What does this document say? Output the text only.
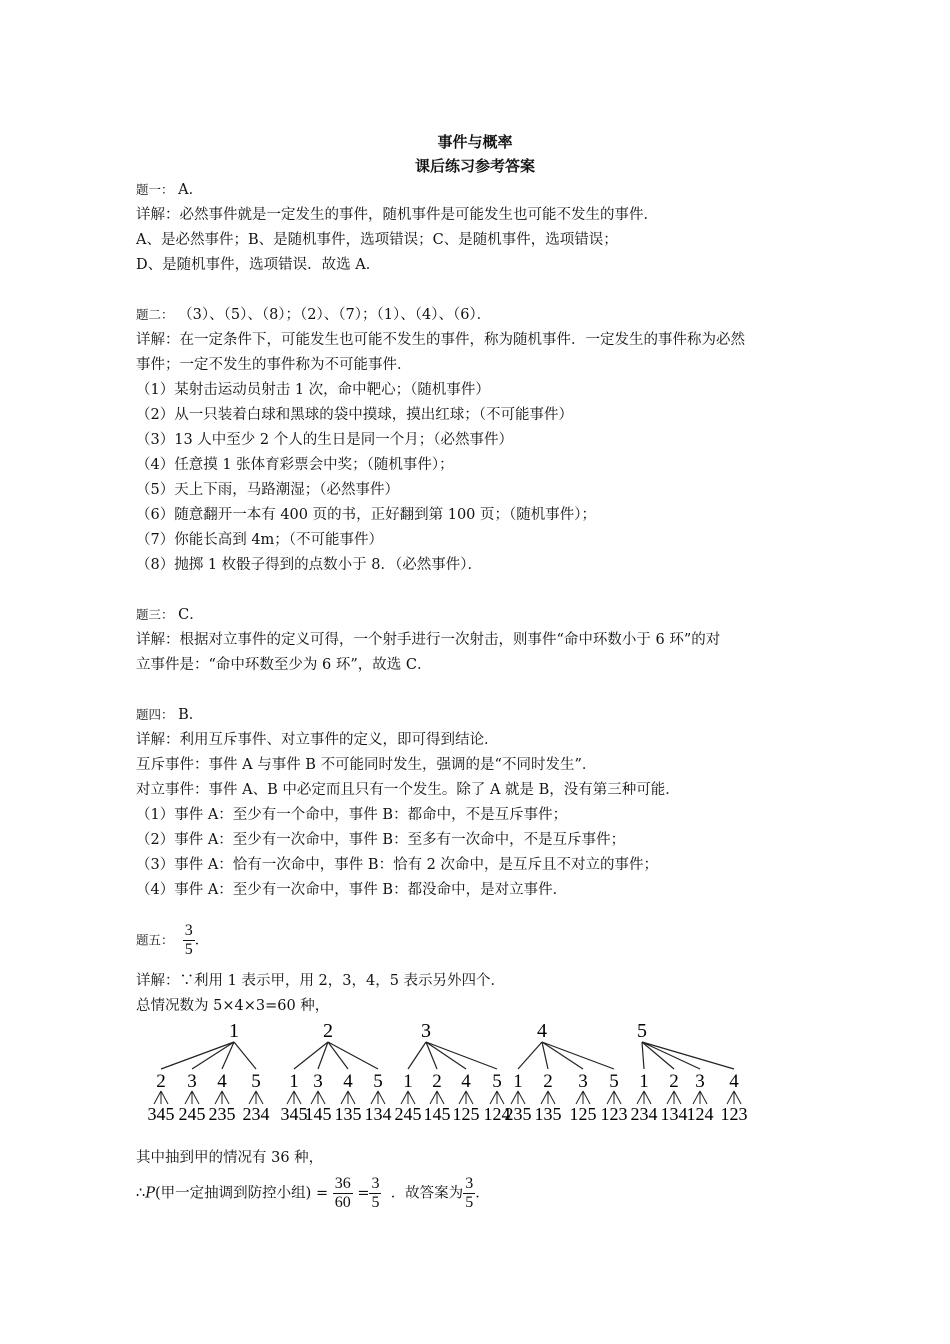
事件与概率
课后练习参考答案
题一： A．
详解：必然事件就是一定发生的事件，随机事件是可能发生也可能不发生的事件．
A、是必然事件；B、是随机事件，选项错误；C、是随机事件，选项错误；
D、是随机事件，选项错误．故选 A．
题二： （3）、（5）、（8）；（2）、（7）；（1）、（4）、（6）．
详解：在一定条件下，可能发生也可能不发生的事件，称为随机事件．一定发生的事件称为必然
事件；一定不发生的事件称为不可能事件．
（1）某射击运动员射击 1 次，命中靶心；（随机事件）
（2）从一只装着白球和黑球的袋中摸球，摸出红球；（不可能事件）
（3）13 人中至少 2 个人的生日是同一个月；（必然事件）
（4）任意摸 1 张体育彩票会中奖；（随机事件）；
（5）天上下雨，马路潮湿；（必然事件）
（6）随意翻开一本有 400 页的书，正好翻到第 100 页；（随机事件）；
（7）你能长高到 4m；（不可能事件）
（8）抛掷 1 枚骰子得到的点数小于 8．（必然事件）．
题三： C．
详解：根据对立事件的定义可得，一个射手进行一次射击，则事件“命中环数小于 6 环”的对
立事件是：“命中环数至少为 6 环”，故选 C．
题四： B．
详解：利用互斥事件、对立事件的定义，即可得到结论．
互斥事件：事件 A 与事件 B 不可能同时发生，强调的是“不同时发生”．
对立事件：事件 A、B 中必定而且只有一个发生。除了 A 就是 B，没有第三种可能．
（1）事件 A：至少有一个命中，事件 B：都命中，不是互斥事件；
（2）事件 A：至少有一次命中，事件 B：至多有一次命中，不是互斥事件；
（3）事件 A：恰有一次命中，事件 B：恰有 2 次命中，是互斥且不对立的事件；
（4）事件 A：至少有一次命中，事件 B：都没命中，是对立事件．
题五： $\frac{3}{5}$ ．
详解：∵利用 1 表示甲，用 2，3，4，5 表示另外四个．
总情况数为 5×4×3=60 种，
1
2
345
3
245
4
235
5
234
2
1
345
3
145
4
135
5
134
3
1
245
2
145
4
125
5
124
4
1
235
2
135
3
125
5
123
5
1
234
2
134
3
124
4
123
其中抽到甲的情况有 36 种，
∴P(甲一定抽调到防控小组) = $\frac{36}{60} = \frac{3}{5}$ ．故答案为 $\frac{3}{5}$ ．
